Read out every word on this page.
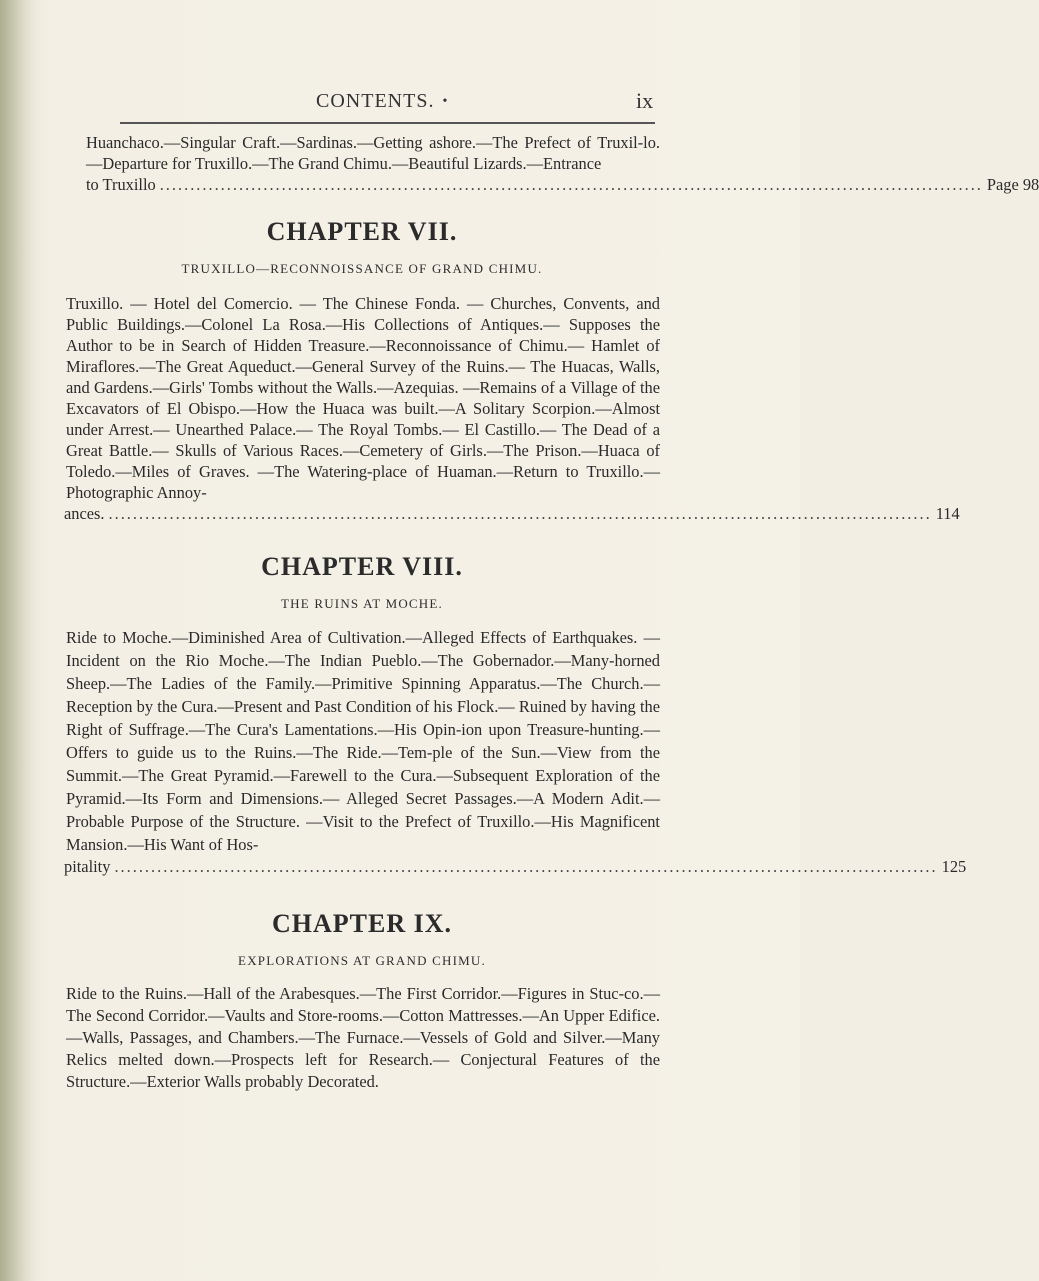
CONTENTS. •	ix

Huanchaco.—Singular Craft.—Sardinas.—Getting ashore.—The Prefect of Truxil-lo.—Departure for Truxillo.—The Grand Chimu.—Beautiful Lizards.—Entrance

to Truxillo ....................................................................................................................................... Page 98
CHAPTER VII.
TRUXILLO—RECONNOISSANCE OF GRAND CHIMU.

Truxillo. — Hotel del Comercio. — The Chinese Fonda. — Churches, Convents, and Public Buildings.—Colonel La Rosa.—His Collections of Antiques.— Supposes the Author to be in Search of Hidden Treasure.—Reconnoissance of Chimu.— Hamlet of Miraflores.—The Great Aqueduct.—General Survey of the Ruins.— The Huacas, Walls, and Gardens.—Girls' Tombs without the Walls.—Azequias. —Remains of a Village of the Excavators of El Obispo.—How the Huaca was built.—A Solitary Scorpion.—Almost under Arrest.— Unearthed Palace.— The Royal Tombs.— El Castillo.— The Dead of a Great Battle.— Skulls of Various Races.—Cemetery of Girls.—The Prison.—Huaca of Toledo.—Miles of Graves. —The Watering-place of Huaman.—Return to Truxillo.—Photographic Annoy-

ances. ....................................................................................................................................... 114
CHAPTER VIII.
THE RUINS AT MOCHE.

Ride to Moche.—Diminished Area of Cultivation.—Alleged Effects of Earthquakes. —Incident on the Rio Moche.—The Indian Pueblo.—The Gobernador.—Many-horned Sheep.—The Ladies of the Family.—Primitive Spinning Apparatus.—The Church.—Reception by the Cura.—Present and Past Condition of his Flock.— Ruined by having the Right of Suffrage.—The Cura's Lamentations.—His Opin-ion upon Treasure-hunting.—Offers to guide us to the Ruins.—The Ride.—Tem-ple of the Sun.—View from the Summit.—The Great Pyramid.—Farewell to the Cura.—Subsequent Exploration of the Pyramid.—Its Form and Dimensions.— Alleged Secret Passages.—A Modern Adit.—Probable Purpose of the Structure. —Visit to the Prefect of Truxillo.—His Magnificent Mansion.—His Want of Hos-

pitality ....................................................................................................................................... 125
CHAPTER IX.
EXPLORATIONS AT GRAND CHIMU.

Ride to the Ruins.—Hall of the Arabesques.—The First Corridor.—Figures in Stuc-co.—The Second Corridor.—Vaults and Store-rooms.—Cotton Mattresses.—An Upper Edifice.—Walls, Passages, and Chambers.—The Furnace.—Vessels of Gold and Silver.—Many Relics melted down.—Prospects left for Research.— Conjectural Features of the Structure.—Exterior Walls probably Decorated.
